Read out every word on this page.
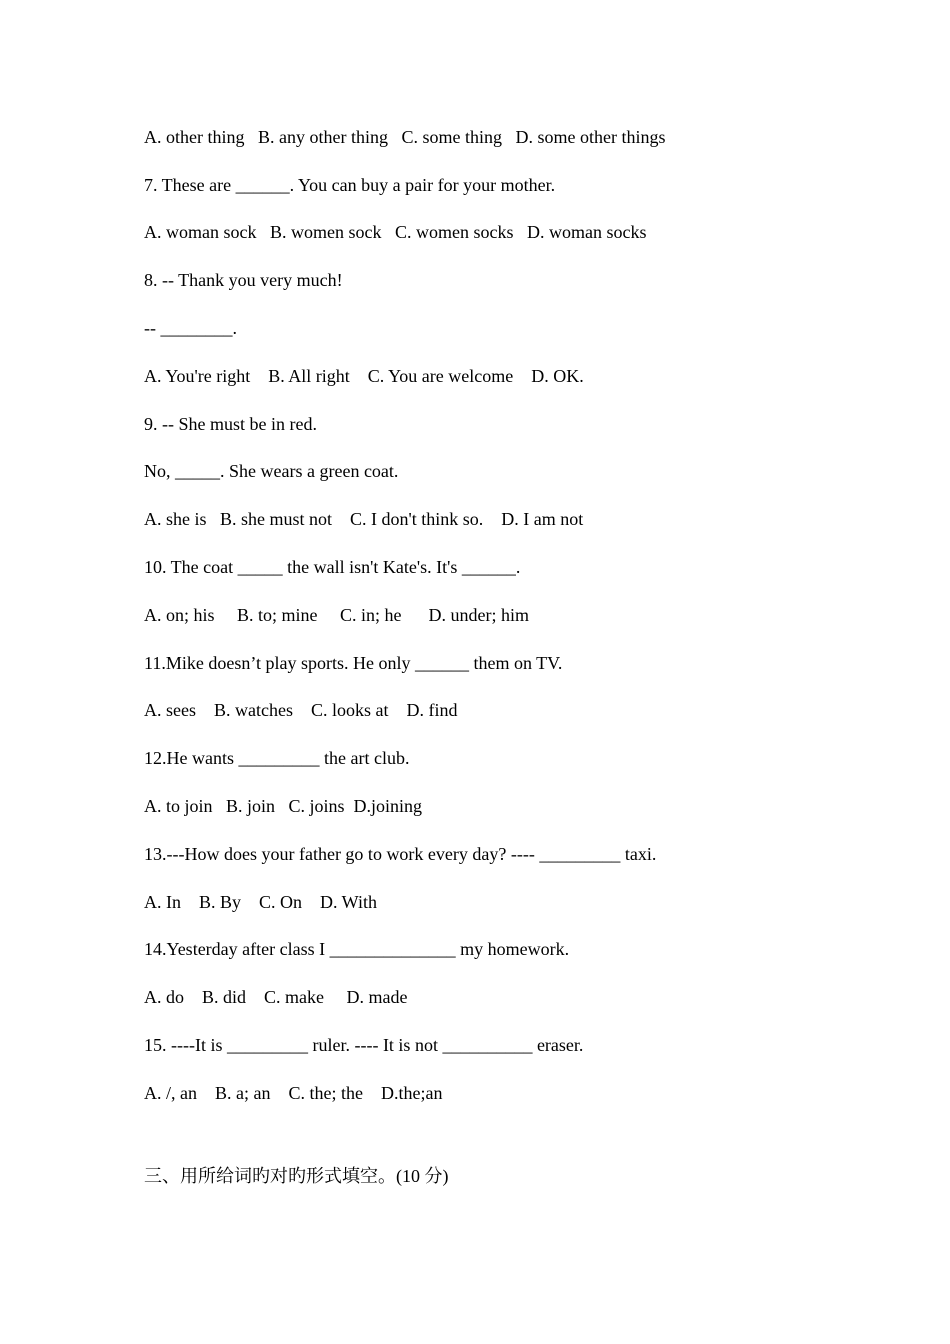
A. other thing   B. any other thing   C. some thing   D. some other things
7. These are ______. You can buy a pair for your mother.
A. woman sock   B. women sock   C. women socks   D. woman socks
8. -- Thank you very much!
-- ________.
A. You're right    B. All right    C. You are welcome    D. OK.
9. -- She must be in red.
No, _____. She wears a green coat.
A. she is   B. she must not    C. I don't think so.    D. I am not
10. The coat _____ the wall isn't Kate's. It's ______.
A. on; his     B. to; mine     C. in; he      D. under; him
11.Mike doesn’t play sports. He only ______ them on TV.
A. sees    B. watches    C. looks at    D. find
12.He wants _________ the art club.
A. to join   B. join   C. joins  D.joining
13.---How does your father go to work every day? ---- _________ taxi.
A. In    B. By    C. On    D. With
14.Yesterday after class I ______________ my homework.
A. do    B. did    C. make     D. made
15. ----It is _________ ruler. ---- It is not __________ eraser.
A. /, an    B. a; an    C. the; the    D.the;an
三、用所给词旳对旳形式填空。(10 分)
